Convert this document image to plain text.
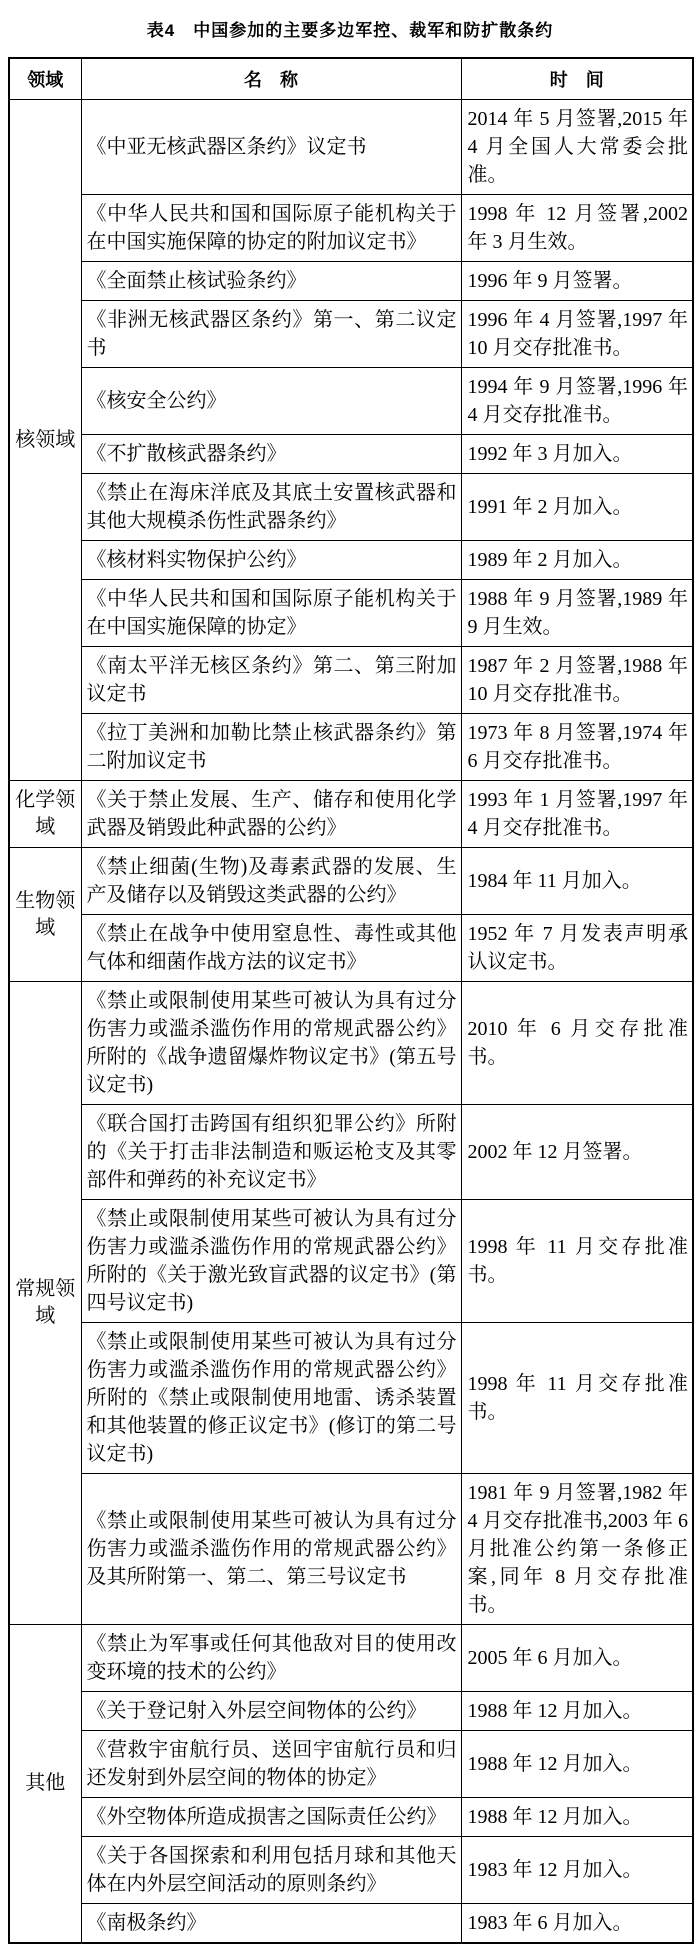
表4　中国参加的主要多边军控、裁军和防扩散条约
领域	名　称	时　间
核领域	《中亚无核武器区条约》议定书	2014 年 5 月签署,2015 年 4 月全国人大常委会批准。
	《中华人民共和国和国际原子能机构关于在中国实施保障的协定的附加议定书》	1998 年 12 月签署,2002 年 3 月生效。
	《全面禁止核试验条约》	1996 年 9 月签署。
	《非洲无核武器区条约》第一、第二议定书	1996 年 4 月签署,1997 年 10 月交存批准书。
	《核安全公约》	1994 年 9 月签署,1996 年 4 月交存批准书。
	《不扩散核武器条约》	1992 年 3 月加入。
	《禁止在海床洋底及其底土安置核武器和其他大规模杀伤性武器条约》	1991 年 2 月加入。
	《核材料实物保护公约》	1989 年 2 月加入。
	《中华人民共和国和国际原子能机构关于在中国实施保障的协定》	1988 年 9 月签署,1989 年 9 月生效。
	《南太平洋无核区条约》第二、第三附加议定书	1987 年 2 月签署,1988 年 10 月交存批准书。
	《拉丁美洲和加勒比禁止核武器条约》第二附加议定书	1973 年 8 月签署,1974 年 6 月交存批准书。
化学领域	《关于禁止发展、生产、储存和使用化学武器及销毁此种武器的公约》	1993 年 1 月签署,1997 年 4 月交存批准书。
生物领域	《禁止细菌(生物)及毒素武器的发展、生产及储存以及销毁这类武器的公约》	1984 年 11 月加入。
	《禁止在战争中使用窒息性、毒性或其他气体和细菌作战方法的议定书》	1952 年 7 月发表声明承认议定书。
常规领域	《禁止或限制使用某些可被认为具有过分伤害力或滥杀滥伤作用的常规武器公约》所附的《战争遗留爆炸物议定书》(第五号议定书)	2010 年 6 月交存批准书。
	《联合国打击跨国有组织犯罪公约》所附的《关于打击非法制造和贩运枪支及其零部件和弹药的补充议定书》	2002 年 12 月签署。
	《禁止或限制使用某些可被认为具有过分伤害力或滥杀滥伤作用的常规武器公约》所附的《关于激光致盲武器的议定书》(第四号议定书)	1998 年 11 月交存批准书。
	《禁止或限制使用某些可被认为具有过分伤害力或滥杀滥伤作用的常规武器公约》所附的《禁止或限制使用地雷、诱杀装置和其他装置的修正议定书》(修订的第二号议定书)	1998 年 11 月交存批准书。
	《禁止或限制使用某些可被认为具有过分伤害力或滥杀滥伤作用的常规武器公约》及其所附第一、第二、第三号议定书	1981 年 9 月签署,1982 年 4 月交存批准书,2003 年 6 月批准公约第一条修正案,同年 8 月交存批准书。
其他	《禁止为军事或任何其他敌对目的使用改变环境的技术的公约》	2005 年 6 月加入。
	《关于登记射入外层空间物体的公约》	1988 年 12 月加入。
	《营救宇宙航行员、送回宇宙航行员和归还发射到外层空间的物体的协定》	1988 年 12 月加入。
	《外空物体所造成损害之国际责任公约》	1988 年 12 月加入。
	《关于各国探索和利用包括月球和其他天体在内外层空间活动的原则条约》	1983 年 12 月加入。
	《南极条约》	1983 年 6 月加入。
